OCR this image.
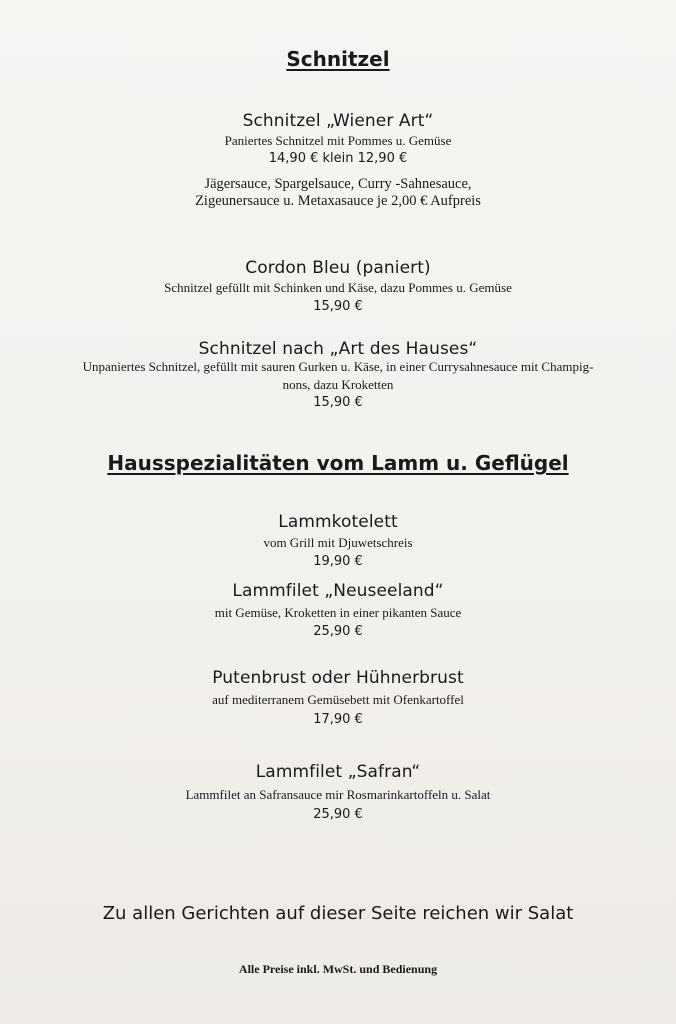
Schnitzel
Schnitzel „Wiener Art“
Paniertes Schnitzel mit Pommes u. Gemüse
14,90 € klein 12,90 €
Jägersauce, Spargelsauce, Curry -Sahnesauce,
Zigeunersauce u. Metaxasauce je 2,00 € Aufpreis
Cordon Bleu (paniert)
Schnitzel gefüllt mit Schinken und Käse, dazu Pommes u. Gemüse
15,90 €
Schnitzel nach „Art des Hauses“
Unpaniertes Schnitzel, gefüllt mit sauren Gurken u. Käse, in einer Currysahnesauce mit Champig-
nons, dazu Kroketten
15,90 €
Hausspezialitäten vom Lamm u. Geflügel
Lammkotelett
vom Grill mit Djuwetschreis
19,90 €
Lammfilet „Neuseeland“
mit Gemüse, Kroketten in einer pikanten Sauce
25,90 €
Putenbrust oder Hühnerbrust
auf mediterranem Gemüsebett mit Ofenkartoffel
17,90 €
Lammfilet „Safran“
Lammfilet an Safransauce mir Rosmarinkartoffeln u. Salat
25,90 €
Zu allen Gerichten auf dieser Seite reichen wir Salat
Alle Preise inkl. MwSt. und Bedienung
